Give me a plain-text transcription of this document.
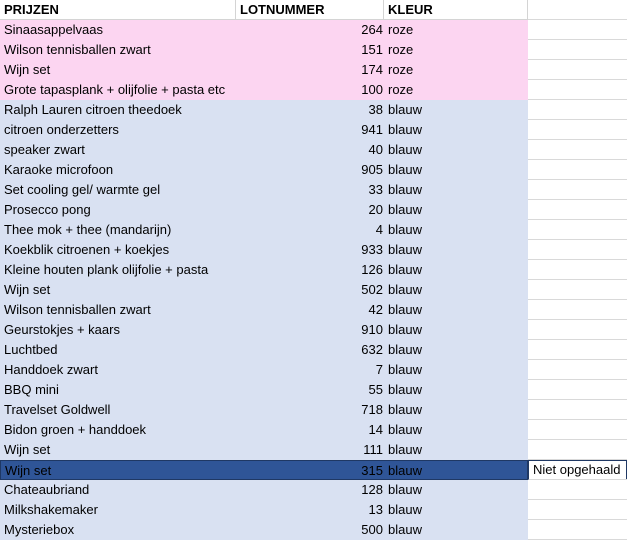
PRIJZEN	LOTNUMMER	KLEUR
Sinaasappelvaas	264 roze
Wilson tennisballen zwart	151 roze
Wijn set	174 roze
Grote tapasplank + olijfolie + pasta etc	100 roze
Ralph Lauren citroen theedoek	38 blauw
citroen onderzetters	941 blauw
speaker zwart	40 blauw
Karaoke microfoon	905 blauw
Set cooling gel/ warmte gel	33 blauw
Prosecco pong	20 blauw
Thee mok + thee (mandarijn)	4 blauw
Koekblik citroenen + koekjes	933 blauw
Kleine houten plank olijfolie + pasta	126 blauw
Wijn set	502 blauw
Wilson tennisballen zwart	42 blauw
Geurstokjes + kaars	910 blauw
Luchtbed	632 blauw
Handdoek zwart	7 blauw
BBQ mini	55 blauw
Travelset Goldwell	718 blauw
Bidon groen + handdoek	14 blauw
Wijn set	111 blauw
Wijn set	315 blauw	Niet opgehaald
Chateaubriand	128 blauw
Milkshakemaker	13 blauw
Mysteriebox	500 blauw
